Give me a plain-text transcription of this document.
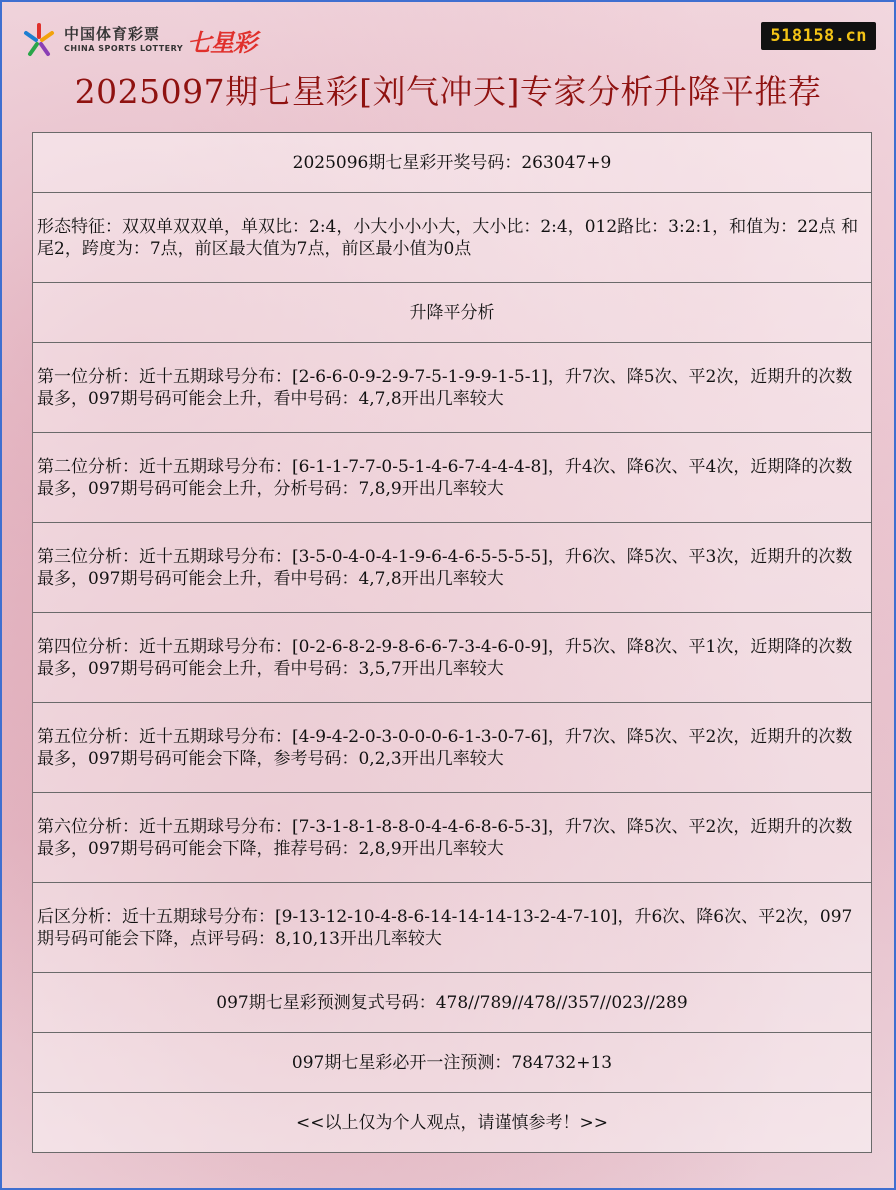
中国体育彩票
CHINA SPORTS LOTTERY 七星彩	518158.cn
2025097期七星彩[刘气冲天]专家分析升降平推荐
2025096期七星彩开奖号码：263047+9
形态特征：双双单双双单，单双比：2:4，小大小小小大，大小比：2:4，012路比：3:2:1，和值为：22点 和尾2，跨度为：7点，前区最大值为7点，前区最小值为0点
升降平分析
第一位分析：近十五期球号分布：[2-6-6-0-9-2-9-7-5-1-9-9-1-5-1]，升7次、降5次、平2次，近期升的次数最多，097期号码可能会上升，看中号码：4,7,8开出几率较大
第二位分析：近十五期球号分布：[6-1-1-7-7-0-5-1-4-6-7-4-4-4-8]，升4次、降6次、平4次，近期降的次数最多，097期号码可能会上升，分析号码：7,8,9开出几率较大
第三位分析：近十五期球号分布：[3-5-0-4-0-4-1-9-6-4-6-5-5-5-5]，升6次、降5次、平3次，近期升的次数最多，097期号码可能会上升，看中号码：4,7,8开出几率较大
第四位分析：近十五期球号分布：[0-2-6-8-2-9-8-6-6-7-3-4-6-0-9]，升5次、降8次、平1次，近期降的次数最多，097期号码可能会上升，看中号码：3,5,7开出几率较大
第五位分析：近十五期球号分布：[4-9-4-2-0-3-0-0-0-6-1-3-0-7-6]，升7次、降5次、平2次，近期升的次数最多，097期号码可能会下降，参考号码：0,2,3开出几率较大
第六位分析：近十五期球号分布：[7-3-1-8-1-8-8-0-4-4-6-8-6-5-3]，升7次、降5次、平2次，近期升的次数最多，097期号码可能会下降，推荐号码：2,8,9开出几率较大
后区分析：近十五期球号分布：[9-13-12-10-4-8-6-14-14-14-13-2-4-7-10]，升6次、降6次、平2次，097期号码可能会下降，点评号码：8,10,13开出几率较大
097期七星彩预测复式号码：478//789//478//357//023//289
097期七星彩必开一注预测：784732+13
<<以上仅为个人观点，请谨慎参考！>>
